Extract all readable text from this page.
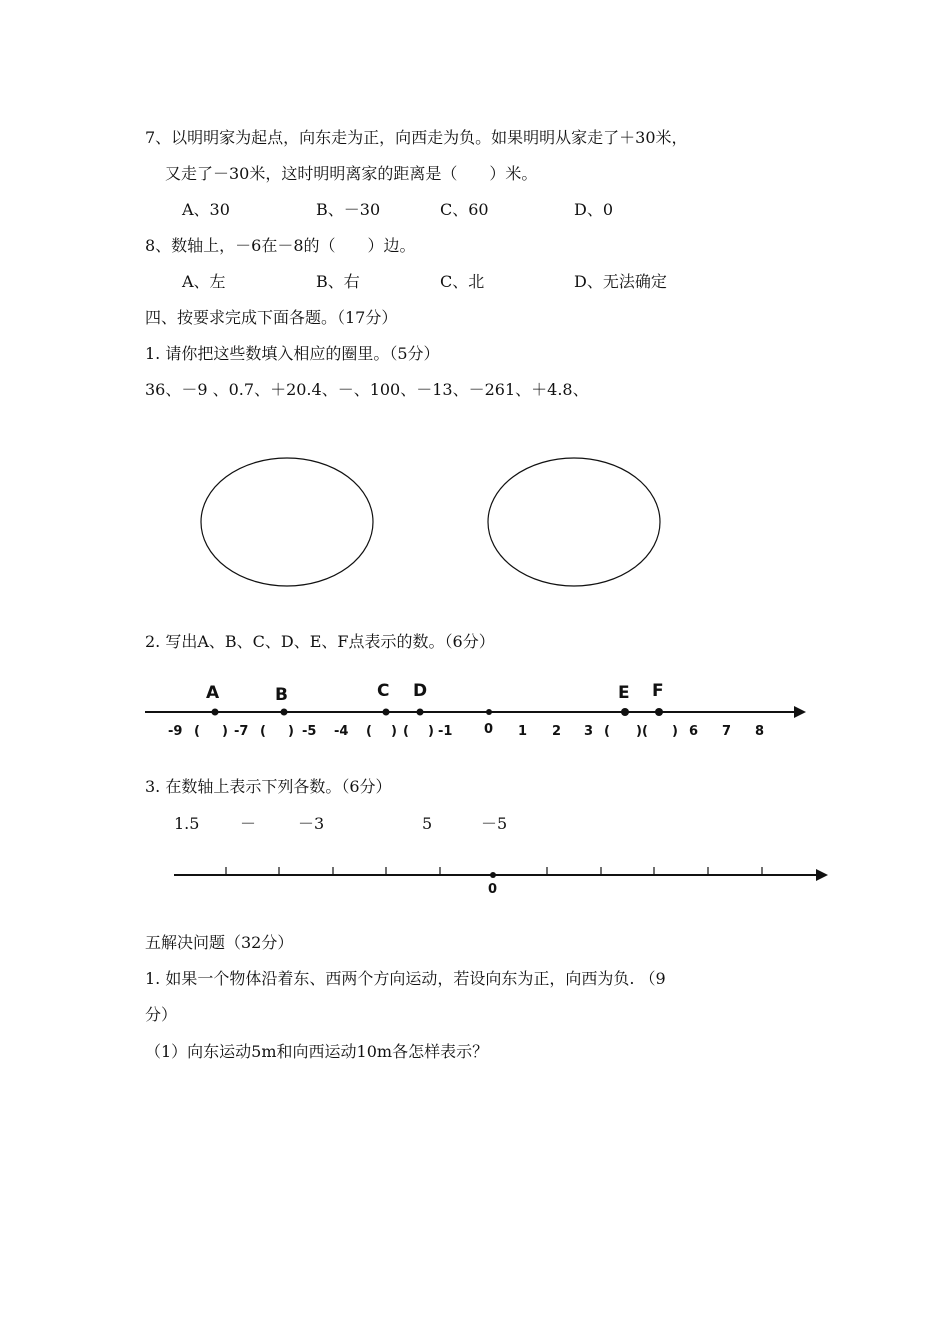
7、以明明家为起点，向东走为正，向西走为负。如果明明从家走了＋30米，
又走了－30米，这时明明离家的距离是（　　）米。
A、30	B、－30	C、60	D、0
8、数轴上，－6在－8的（　　）边。
A、左	B、右	C、北	D、无法确定
四、按要求完成下面各题。（17分）
1. 请你把这些数填入相应的圈里。（5分）
36、－9 、0.7、＋20.4、－、100、－13、－261、＋4.8、
2. 写出A、B、C、D、E、F点表示的数。（6分）
A	B	C D	E F
-9 ( ) -7 ( ) -5 -4 ( ) ( ) -1 0 1 2 3 ( ) ( ) 6 7 8
3. 在数轴上表示下列各数。（6分）
1.5	－	－3	5	－5
0
五解决问题（32分）
1. 如果一个物体沿着东、西两个方向运动，若设向东为正，向西为负. （9
分）
（1）向东运动5m和向西运动10m各怎样表示？
